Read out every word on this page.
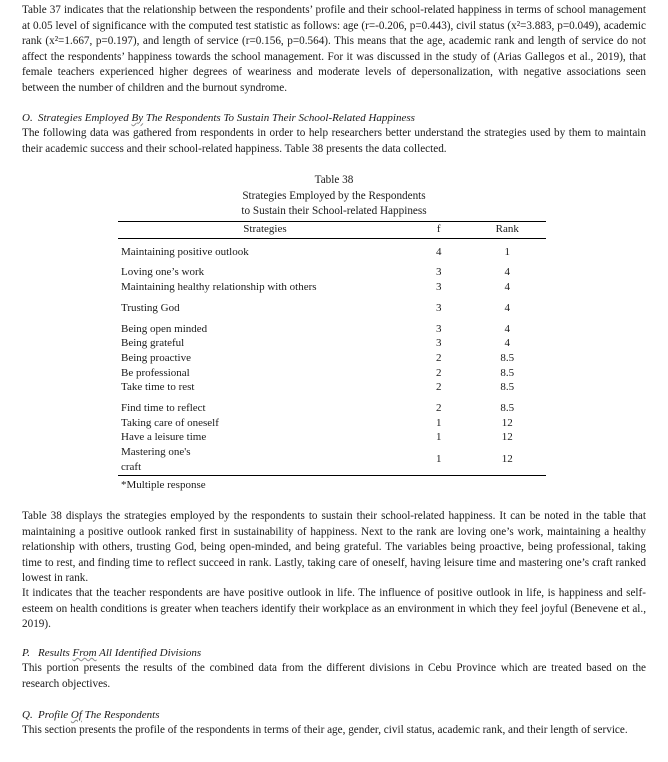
Table 37 indicates that the relationship between the respondents’ profile and their school-related happiness in terms of school management at 0.05 level of significance with the computed test statistic as follows: age (r=-0.206, p=0.443), civil status (x²=3.883, p=0.049), academic rank (x²=1.667, p=0.197), and length of service (r=0.156, p=0.564). This means that the age, academic rank and length of service do not affect the respondents’ happiness towards the school management. For it was discussed in the study of (Arias Gallegos et al., 2019), that female teachers experienced higher degrees of weariness and moderate levels of depersonalization, with negative associations seen between the number of children and the burnout syndrome.

O. Strategies Employed By The Respondents To Sustain Their School-Related Happiness

The following data was gathered from respondents in order to help researchers better understand the strategies used by them to maintain their academic success and their school-related happiness. Table 38 presents the data collected.

Table 38

Strategies Employed by the Respondents

to Sustain their School-related Happiness

Strategies	f	Rank

Maintaining positive outlook	4	1

Loving one’s work	3	4
Maintaining healthy relationship with others	3	4

Trusting God	3	4

Being open minded	3	4
Being grateful	3	4
Being proactive	2	8.5
Be professional	2	8.5
Take time to rest	2	8.5

Find time to reflect	2	8.5
Taking care of oneself	1	12
Have a leisure time	1	12
Mastering one's
craft	1	12

*Multiple response

Table 38 displays the strategies employed by the respondents to sustain their school-related happiness. It can be noted in the table that maintaining a positive outlook ranked first in sustainability of happiness. Next to the rank are loving one’s work, maintaining a healthy relationship with others, trusting God, being open-minded, and being grateful. The variables being proactive, being professional, taking time to rest, and finding time to reflect succeed in rank. Lastly, taking care of oneself, having leisure time and mastering one’s craft ranked lowest in rank.

It indicates that the teacher respondents are have positive outlook in life. The influence of positive outlook in life, is happiness and self-esteem on health conditions is greater when teachers identify their workplace as an environment in which they feel joyful (Benevene et al., 2019).

P. Results From All Identified Divisions

This portion presents the results of the combined data from the different divisions in Cebu Province which are treated based on the research objectives.

Q. Profile Of The Respondents

This section presents the profile of the respondents in terms of their age, gender, civil status, academic rank, and their length of service.
